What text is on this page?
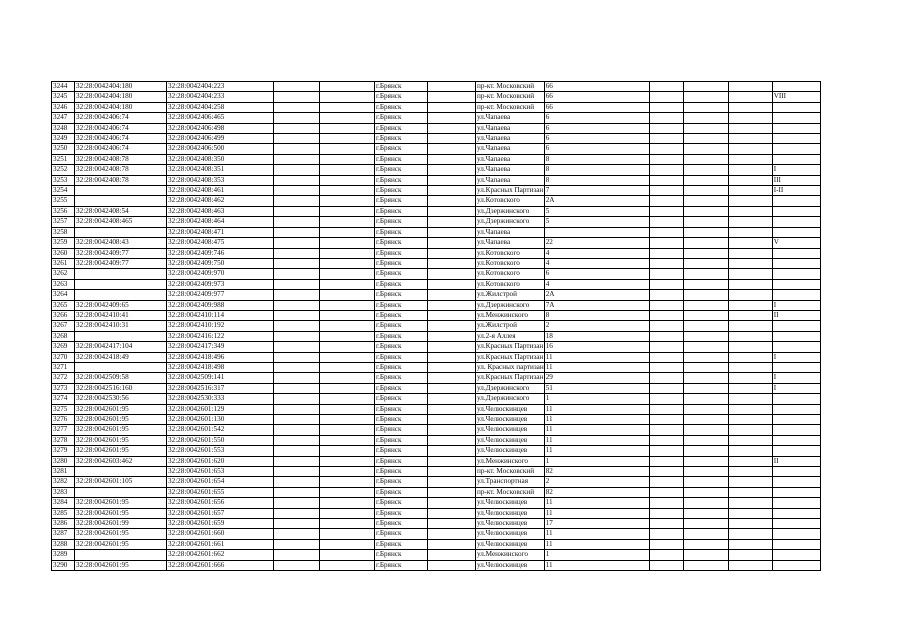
3244	32:28:0042404:180	32:28:0042404:223			г.Брянск		пр-кт. Московский	66				
3245	32:28:0042404:180	32:28:0042404:233			г.Брянск		пр-кт. Московский	66				VIII
3246	32:28:0042404:180	32:28:0042404:258			г.Брянск		пр-кт. Московский	66				
3247	32:28:0042406:74	32:28:0042406:465			г.Брянск		ул.Чапаева	6				
3248	32:28:0042406:74	32:28:0042406:498			г.Брянск		ул.Чапаева	6				
3249	32:28:0042406:74	32:28:0042406:499			г.Брянск		ул.Чапаева	6				
3250	32:28:0042406:74	32:28:0042406:500			г.Брянск		ул.Чапаева	6				
3251	32:28:0042408:78	32:28:0042408:350			г.Брянск		ул.Чапаева	8				
3252	32:28:0042408:78	32:28:0042408:351			г.Брянск		ул.Чапаева	8				I
3253	32:28:0042408:78	32:28:0042408:353			г.Брянск		ул.Чапаева	8				III
3254		32:28:0042408:461			г.Брянск		ул.Красных Партизан	7				I-II
3255		32:28:0042408:462			г.Брянск		ул.Котовского	2А				
3256	32:28:0042408:54	32:28:0042408:463			г.Брянск		ул.Дзержинского	5				
3257	32:28:0042408:465	32:28:0042408:464			г.Брянск		ул.Дзержинского	5				
3258		32:28:0042408:471			г.Брянск		ул.Чапаева					
3259	32:28:0042408:43	32:28:0042408:475			г.Брянск		ул.Чапаева	22				V
3260	32:28:0042409:77	32:28:0042409:746			г.Брянск		ул.Котовского	4				
3261	32:28:0042409:77	32:28:0042409:750			г.Брянск		ул.Котовского	4				
3262		32:28:0042409:970			г.Брянск		ул.Котовского	6				
3263		32:28:0042409:973			г.Брянск		ул.Котовского	4				
3264		32:28:0042409:977			г.Брянск		ул.Жилстрой	2А				
3265	32:28:0042409:65	32:28:0042409:988			г.Брянск		ул.Дзержинского	7А				I
3266	32:28:0042410:41	32:28:0042410:114			г.Брянск		ул.Менжинского	8				II
3267	32:28:0042410:31	32:28:0042410:192			г.Брянск		ул.Жилстрой	2				
3268		32:28:0042416:122			г.Брянск		ул.2-я Аллея	18				
3269	32:28:0042417:104	32:28:0042417:349			г.Брянск		ул.Красных Партизан	16				
3270	32:28:0042418:49	32:28:0042418:496			г.Брянск		ул.Красных Партизан	11				I
3271		32:28:0042418:498			г.Брянск		ул. Красных партизан	11				
3272	32:28:0042509:58	32:28:0042509:141			г.Брянск		ул.Красных Партизан	29				I
3273	32:28:0042516:160	32:28:0042516:317			г.Брянск		ул.Дзержинского	51				I
3274	32:28:0042530:56	32:28:0042530:333			г.Брянск		ул.Дзержинского	1				
3275	32:28:0042601:95	32:28:0042601:129			г.Брянск		ул.Челюскинцев	11				
3276	32:28:0042601:95	32:28:0042601:130			г.Брянск		ул.Челюскинцев	11				
3277	32:28:0042601:95	32:28:0042601:542			г.Брянск		ул.Челюскинцев	11				
3278	32:28:0042601:95	32:28:0042601:550			г.Брянск		ул.Челюскинцев	11				
3279	32:28:0042601:95	32:28:0042601:553			г.Брянск		ул.Челюскинцев	11				
3280	32:28:0042603:462	32:28:0042601:620			г.Брянск		ул.Менжинского	1				II
3281		32:28:0042601:653			г.Брянск		пр-кт. Московский	82				
3282	32:28:0042601:105	32:28:0042601:654			г.Брянск		ул.Транспортная	2				
3283		32:28:0042601:655			г.Брянск		пр-кт. Московский	82				
3284	32:28:0042601:95	32:28:0042601:656			г.Брянск		ул.Челюскинцев	11				
3285	32:28:0042601:95	32:28:0042601:657			г.Брянск		ул.Челюскинцев	11				
3286	32:28:0042601:99	32:28:0042601:659			г.Брянск		ул.Челюскинцев	17				
3287	32:28:0042601:95	32:28:0042601:660			г.Брянск		ул.Челюскинцев	11				
3288	32:28:0042601:95	32:28:0042601:661			г.Брянск		ул.Челюскинцев	11				
3289		32:28:0042601:662			г.Брянск		ул.Менжинского	1				
3290	32:28:0042601:95	32:28:0042601:666			г.Брянск		ул.Челюскинцев	11				
